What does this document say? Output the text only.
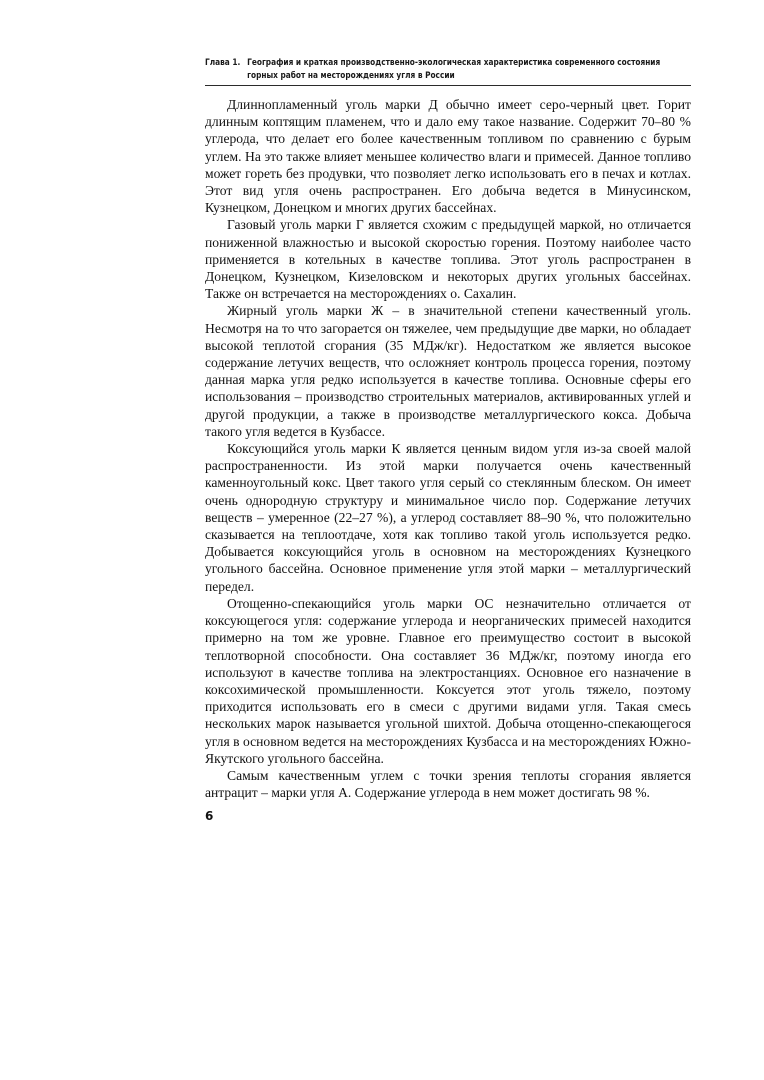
Глава 1. География и краткая производственно-экологическая характеристика современного состояния
горных работ на месторождениях угля в России

Длиннопламенный уголь марки Д обычно имеет серо-черный цвет. Горит длинным коптящим пламенем, что и дало ему такое название. Содержит 70–80 % углерода, что делает его более качественным топливом по сравнению с бурым углем. На это также влияет меньшее количество влаги и примесей. Данное топливо может гореть без продувки, что позволяет легко использовать его в печах и котлах. Этот вид угля очень распространен. Его добыча ведется в Минусинском, Кузнецком, Донецком и многих других бассейнах.

Газовый уголь марки Г является схожим с предыдущей маркой, но отличается пониженной влажностью и высокой скоростью горения. Поэтому наиболее часто применяется в котельных в качестве топлива. Этот уголь распространен в Донецком, Кузнецком, Кизеловском и некоторых других угольных бассейнах. Также он встречается на месторождениях о. Сахалин.

Жирный уголь марки Ж – в значительной степени качественный уголь. Несмотря на то что загорается он тяжелее, чем предыдущие две марки, но обладает высокой теплотой сгорания (35 МДж/кг). Недостатком же является высокое содержание летучих веществ, что осложняет контроль процесса горения, поэтому данная марка угля редко используется в качестве топлива. Основные сферы его использования – производство строительных материалов, активированных углей и другой продукции, а также в производстве металлургического кокса. Добыча такого угля ведется в Кузбассе.

Коксующийся уголь марки К является ценным видом угля из-за своей малой распространенности. Из этой марки получается очень качественный каменноугольный кокс. Цвет такого угля серый со стеклянным блеском. Он имеет очень однородную структуру и минимальное число пор. Содержание летучих веществ – умеренное (22–27 %), а углерод составляет 88–90 %, что положительно сказывается на теплоотдаче, хотя как топливо такой уголь используется редко. Добывается коксующийся уголь в основном на месторождениях Кузнецкого угольного бассейна. Основное применение угля этой марки – металлургический передел.

Отощенно-спекающийся уголь марки ОС незначительно отличается от коксующегося угля: содержание углерода и неорганических примесей находится примерно на том же уровне. Главное его преимущество состоит в высокой теплотворной способности. Она составляет 36 МДж/кг, поэтому иногда его используют в качестве топлива на электростанциях. Основное его назначение в коксохимической промышленности. Коксуется этот уголь тяжело, поэтому приходится использовать его в смеси с другими видами угля. Такая смесь нескольких марок называется угольной шихтой. Добыча отощенно-спекающегося угля в основном ведется на месторождениях Кузбасса и на месторождениях Южно-Якутского угольного бассейна.

Самым качественным углем с точки зрения теплоты сгорания является антрацит – марки угля А. Содержание углерода в нем может достигать 98 %.

6
